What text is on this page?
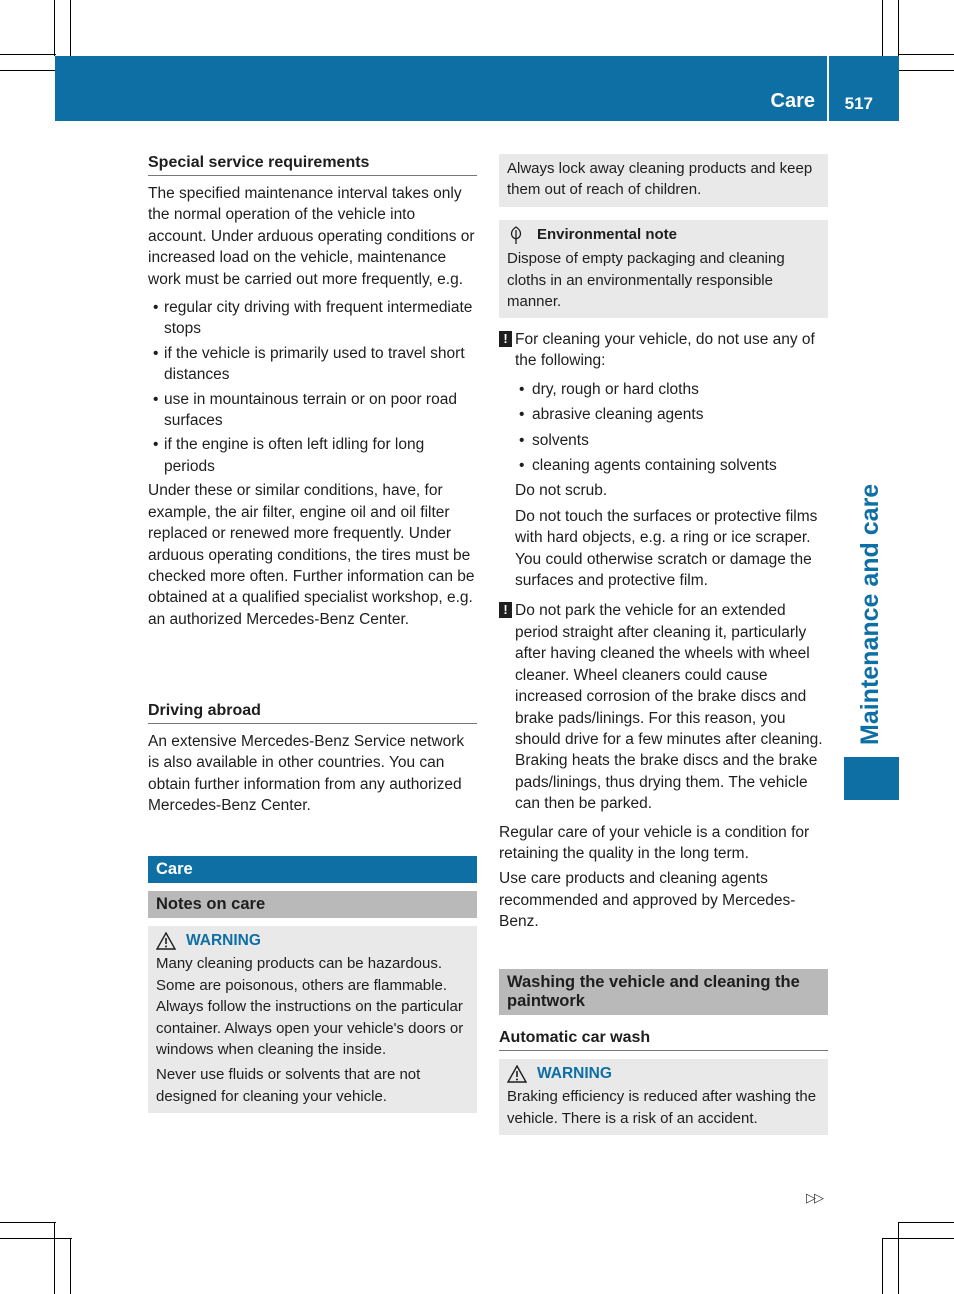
Care 517
Maintenance and care
Special service requirements

The specified maintenance interval takes only the normal operation of the vehicle into account. Under arduous operating conditions or increased load on the vehicle, maintenance work must be carried out more frequently, e.g.

• regular city driving with frequent intermediate stops

• if the vehicle is primarily used to travel short distances

• use in mountainous terrain or on poor road surfaces

• if the engine is often left idling for long periods

Under these or similar conditions, have, for example, the air filter, engine oil and oil filter replaced or renewed more frequently. Under arduous operating conditions, the tires must be checked more often. Further information can be obtained at a qualified specialist workshop, e.g. an authorized Mercedes-Benz Center.

Driving abroad

An extensive Mercedes-Benz Service network is also available in other countries. You can obtain further information from any authorized Mercedes-Benz Center.

Care
Notes on care
WARNING

Many cleaning products can be hazardous. Some are poisonous, others are flammable. Always follow the instructions on the particular container. Always open your vehicle's doors or windows when cleaning the inside.

Never use fluids or solvents that are not designed for cleaning your vehicle.

Always lock away cleaning products and keep them out of reach of children.

Environmental note

Dispose of empty packaging and cleaning cloths in an environmentally responsible manner.

! For cleaning your vehicle, do not use any of the following:

• dry, rough or hard cloths

• abrasive cleaning agents

• solvents

• cleaning agents containing solvents

Do not scrub.

Do not touch the surfaces or protective films with hard objects, e.g. a ring or ice scraper. You could otherwise scratch or damage the surfaces and protective film.

! Do not park the vehicle for an extended period straight after cleaning it, particularly after having cleaned the wheels with wheel cleaner. Wheel cleaners could cause increased corrosion of the brake discs and brake pads/linings. For this reason, you should drive for a few minutes after cleaning. Braking heats the brake discs and the brake pads/linings, thus drying them. The vehicle can then be parked.

Regular care of your vehicle is a condition for retaining the quality in the long term.

Use care products and cleaning agents recommended and approved by Mercedes-Benz.

Washing the vehicle and cleaning the paintwork
Automatic car wash
WARNING

Braking efficiency is reduced after washing the vehicle. There is a risk of an accident.

▷▷
